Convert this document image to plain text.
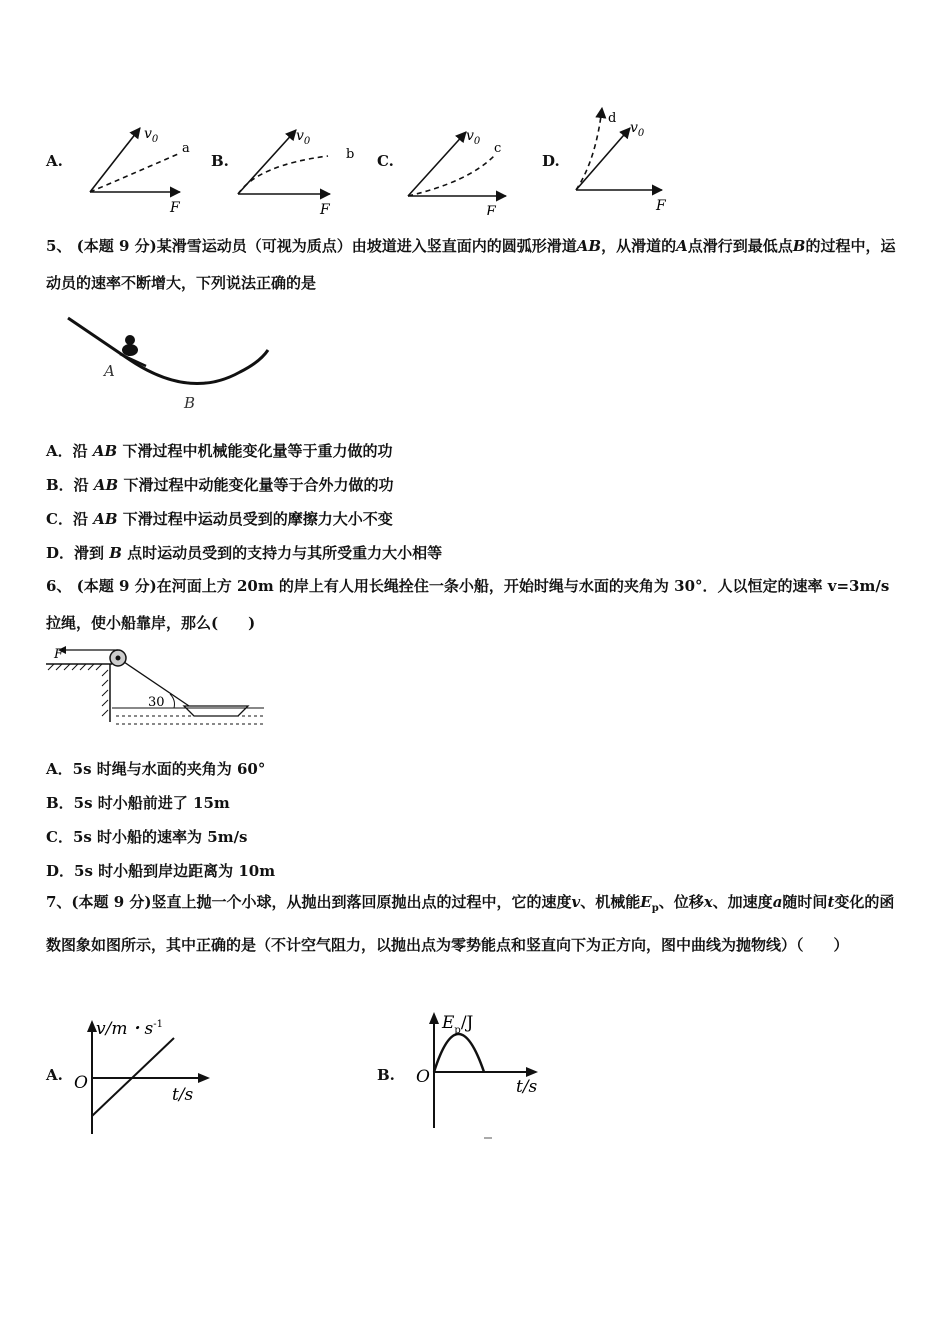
A.
$v_0$
a
F
B.
$v_0$
b
F
C.
$v_0$ c
F
D.
$v_0$
d
F
5、 (本题 9 分)某滑雪运动员（可视为质点）由坡道进入竖直面内的圆弧形滑道AB，从滑道的A点滑行到最低点B的过程中，运动员的速率不断增大，下列说法正确的是
A
B
A．沿 AB 下滑过程中机械能变化量等于重力做的功
B．沿 AB 下滑过程中动能变化量等于合外力做的功
C．沿 AB 下滑过程中运动员受到的摩擦力大小不变
D．滑到 B 点时运动员受到的支持力与其所受重力大小相等
6、 (本题 9 分)在河面上方 20m 的岸上有人用长绳拴住一条小船，开始时绳与水面的夹角为 30°．人以恒定的速率 v=3m/s 拉绳，使小船靠岸，那么(　　)
F
30
A．5s 时绳与水面的夹角为 60°
B．5s 时小船前进了 15m
C．5s 时小船的速率为 5m/s
D．5s 时小船到岸边距离为 10m
7、(本题 9 分)竖直上抛一个小球，从抛出到落回原抛出点的过程中，它的速度v、机械能$E_p$、位移x、加速度a随时间t变化的函数图象如图所示，其中正确的是（不计空气阻力，以抛出点为零势能点和竖直向下为正方向，图中曲线为抛物线）（　　）
A.
v/m・$s^{-1}$
O
t/s
B.
$E_p/J$
O	t/s
